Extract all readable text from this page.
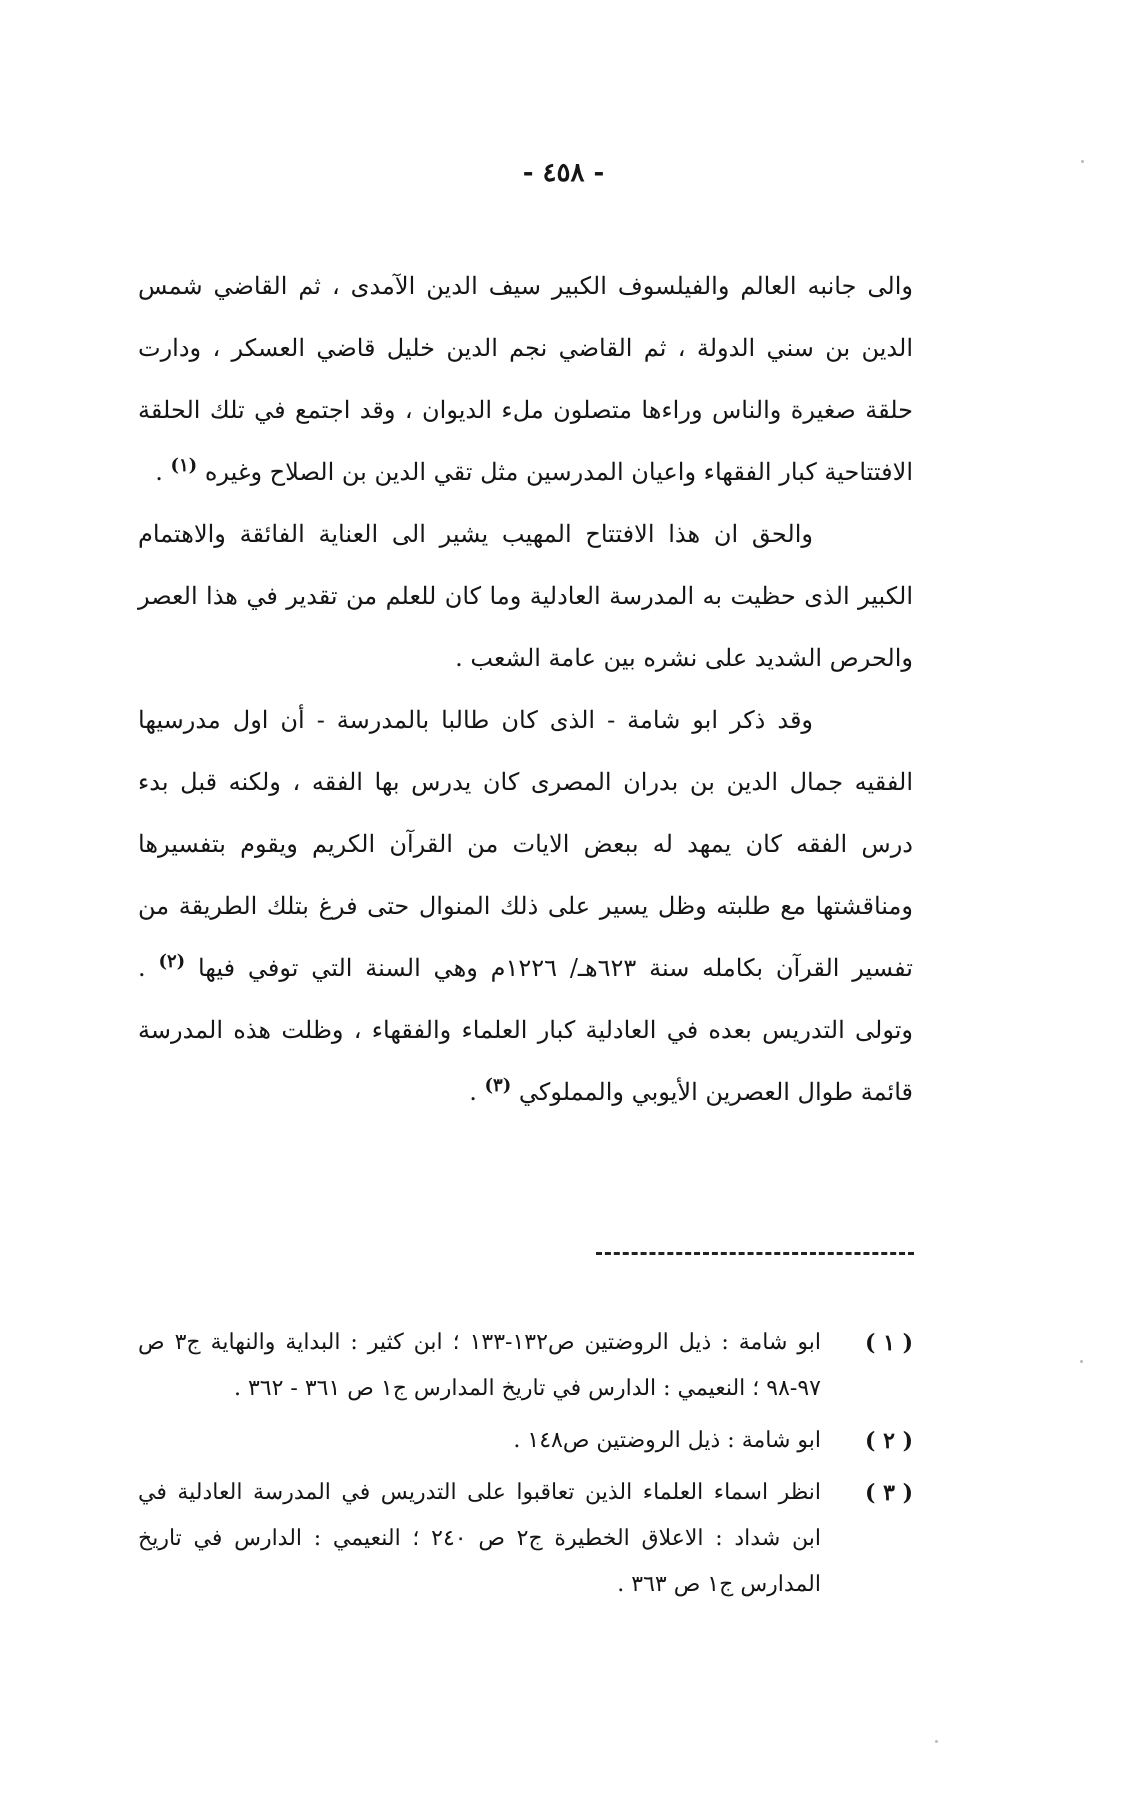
- ٤٥٨ -

والى جانبه العالم والفيلسوف الكبير سيف الدين الآمدى ، ثم القاضي شمس الدين بن سني الدولة ، ثم القاضي نجم الدين خليل قاضي العسكر ، ودارت حلقة صغيرة والناس وراءها متصلون ملء الديوان ، وقد اجتمع في تلك الحلقة الافتتاحية كبار الفقهاء واعيان المدرسين مثل تقي الدين بن الصلاح وغيره $^{(١)}$ .

والحق ان هذا الافتتاح المهيب يشير الى العناية الفائقة والاهتمام الكبير الذى حظيت به المدرسة العادلية وما كان للعلم من تقدير في هذا العصر والحرص الشديد على نشره بين عامة الشعب .

وقد ذكر ابو شامة - الذى كان طالبا بالمدرسة - أن اول مدرسيها الفقيه جمال الدين بن بدران المصرى كان يدرس بها الفقه ، ولكنه قبل بدء درس الفقه كان يمهد له ببعض الايات من القرآن الكريم ويقوم بتفسيرها ومناقشتها مع طلبته وظل يسير على ذلك المنوال حتى فرغ بتلك الطريقة من تفسير القرآن بكامله سنة ٦٢٣هـ/ ١٢٢٦م وهي السنة التي توفي فيها $^{(٢)}$ . وتولى التدريس بعده في العادلية كبار العلماء والفقهاء ، وظلت هذه المدرسة قائمة طوال العصرين الأيوبي والمملوكي $^{(٣)}$ .

( ١ )
ابو شامة : ذيل الروضتين ص١٣٢-١٣٣ ؛ ابن كثير : البداية والنهاية ج٣ ص ٩٧-٩٨ ؛ النعيمي : الدارس في تاريخ المدارس ج١ ص ٣٦١ - ٣٦٢ .
( ٢ )
ابو شامة : ذيل الروضتين ص١٤٨ .
( ٣ )
انظر اسماء العلماء الذين تعاقبوا على التدريس في المدرسة العادلية في ابن شداد : الاعلاق الخطيرة ج٢ ص ٢٤٠ ؛ النعيمي : الدارس في تاريخ المدارس ج١ ص ٣٦٣ .
